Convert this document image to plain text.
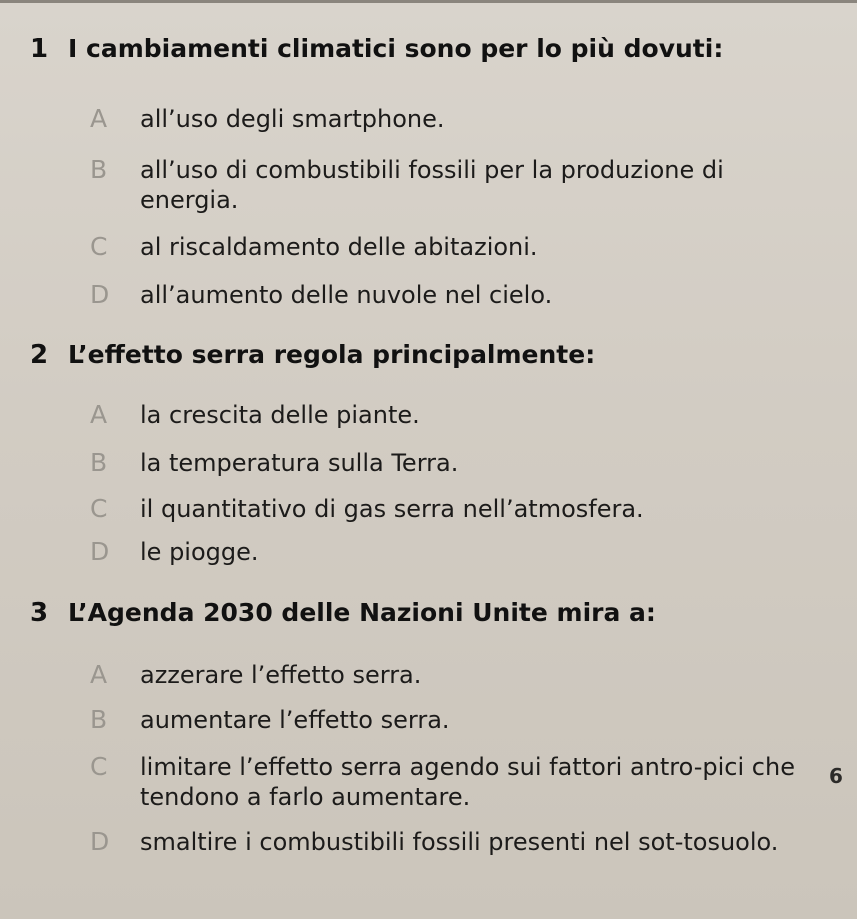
1 I cambiamenti climatici sono per lo più dovuti:
A all’uso degli smartphone.
B all’uso di combustibili fossili per la produzione di energia.
C al riscaldamento delle abitazioni.
D all’aumento delle nuvole nel cielo.
2 L’effetto serra regola principalmente:
A la crescita delle piante.
B la temperatura sulla Terra.
C il quantitativo di gas serra nell’atmosfera.
D le piogge.
3 L’Agenda 2030 delle Nazioni Unite mira a:
A azzerare l’effetto serra.
B aumentare l’effetto serra.
C limitare l’effetto serra agendo sui fattori antro-pici che tendono a farlo aumentare.
D smaltire i combustibili fossili presenti nel sot-tosuolo.
6
